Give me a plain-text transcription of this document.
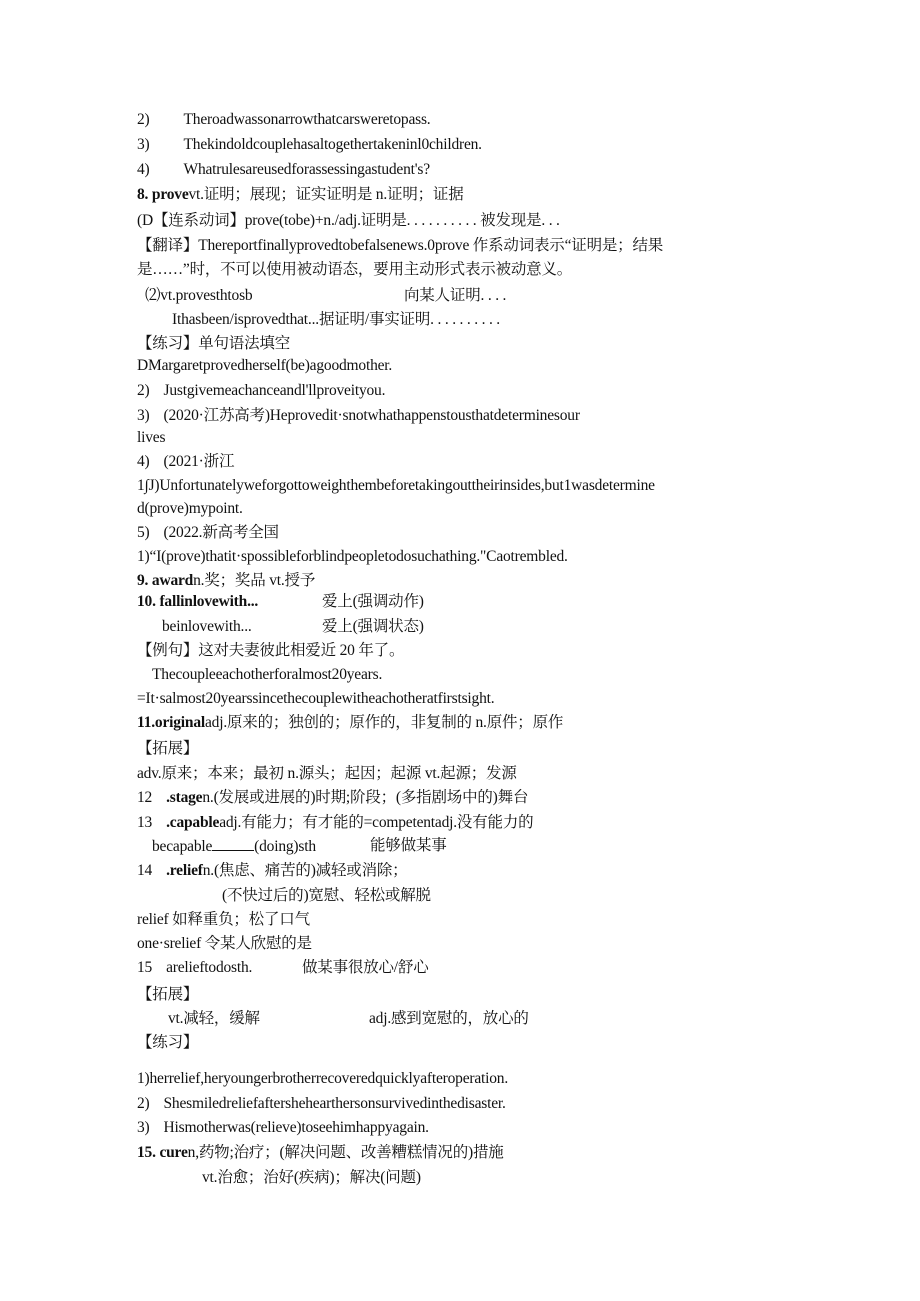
2) Theroadwassonarrowthatcarsweretopass.
3) Thekindoldcouplehasaltogethertakeninl0children.
4) Whatrulesareusedforassessingastudent's?
8. provevt.证明；展现；证实证明是 n.证明；证据
(D【连系动词】prove(tobe)+n./adj.证明是. . . . . . . . . . 被发现是. . .
【翻译】Thereportfinallyprovedtobefalsenews.0prove 作系动词表示“证明是；结果
是……”时，不可以使用被动语态，要用主动形式表示被动意义。
⑵vt.provesthtosb	向某人证明. . . .
Ithasbeen/isprovedthat...据证明/事实证明. . . . . . . . . .
【练习】单句语法填空
DMargaretprovedherself(be)agoodmother.
2) Justgivemeachanceandl'llproveityou.
3) (2020·江苏高考)Heprovedit·snotwhathappenstousthatdeterminesour
lives
4) (2021·浙江
1∫J)Unfortunatelyweforgottoweighthembeforetakingouttheirinsides,but1wasdetermine
d(prove)mypoint.
5) (2022.新高考全国
1)“I(prove)thatit·spossibleforblindpeopletodosuchathing."Caotrembled.
9. awardn.奖；奖品 vt.授予
10. fallinlovewith...	爱上(强调动作)
beinlovewith...	爱上(强调状态)
【例句】这对夫妻彼此相爱近 20 年了。
Thecoupleeachotherforalmost20years.
=It·salmost20yearssincethecouplewitheachotheratfirstsight.
11.originaladj.原来的；独创的；原作的，非复制的 n.原件；原作
【拓展】
adv.原来；本来；最初 n.源头；起因；起源 vt.起源；发源
12 .stagen.(发展或进展的)时期;阶段；(多指剧场中的)舞台
13 .capableadj.有能力；有才能的=competentadj.没有能力的
becapable	(doing)sth	能够做某事
14 .reliefn.(焦虑、痛苦的)减轻或消除；
(不快过后的)宽慰、轻松或解脱
relief 如释重负；松了口气
one·srelief 令某人欣慰的是
15 arelieftodosth.	做某事很放心/舒心
【拓展】
vt.减轻，缓解	adj.感到宽慰的，放心的
【练习】
1)herrelief,heryoungerbrotherrecoveredquicklyafteroperation.
2) Shesmiledreliefaftershehearthersonsurvivedinthedisaster.
3) Hismotherwas(relieve)toseehimhappyagain.
15. curen,药物;治疗；(解决问题、改善糟糕情况的)措施
vt.治愈；治好(疾病)；解决(问题)
